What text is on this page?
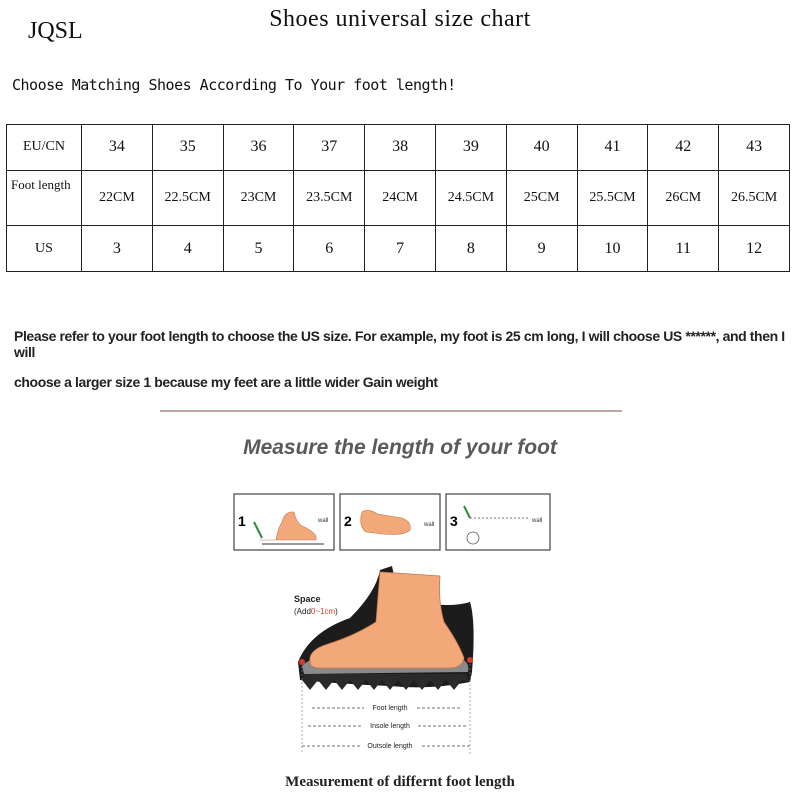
JQSL	Shoes universal size chart
Choose Matching Shoes According To Your foot length!
EU/CN	34	35	36	37	38	39	40	41	42	43
Foot length	22CM	22.5CM	23CM	23.5CM	24CM	24.5CM	25CM	25.5CM	26CM	26.5CM
US	3	4	5	6	7	8	9	10	11	12
Please refer to your foot length to choose the US size. For example, my foot is 25 cm long, I will choose US ******, and then I will
choose a larger size 1 because my feet are a little wider Gain weight
Measure the length of your foot
1	wall 2	wall 3	wall
Space
(Add0~1cm)
Foot length
Insole length
Outsole length
Measurement of differnt foot length
